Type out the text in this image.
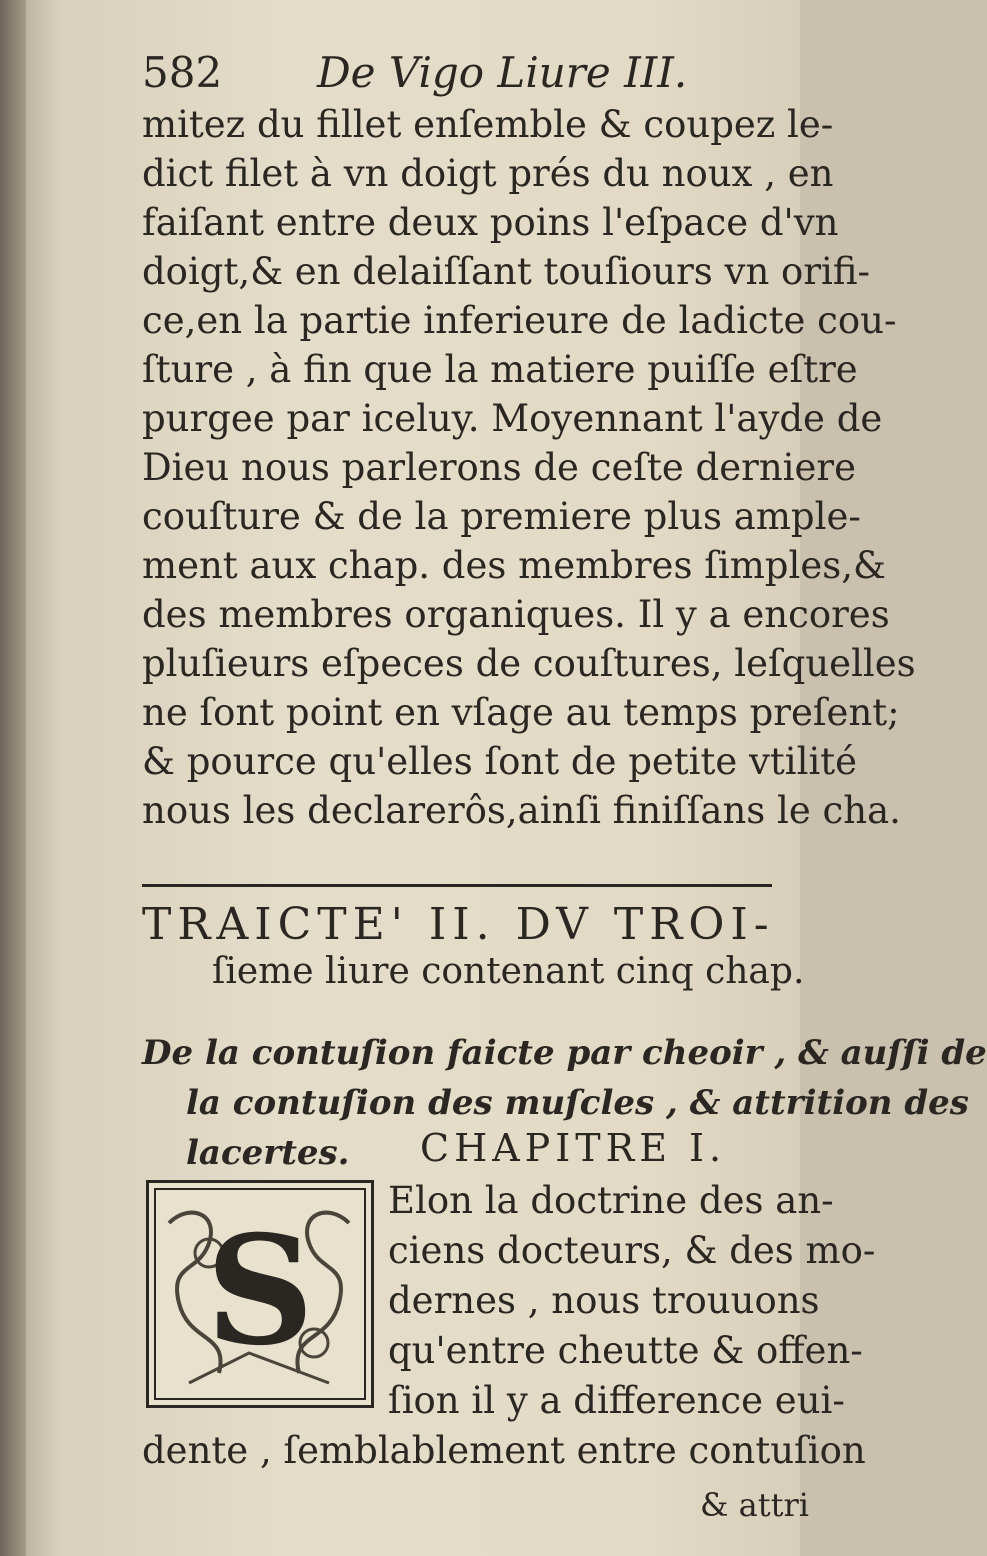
582 De Vigo Liure III.
mitez du fillet enſemble & coupez le-
dict filet à vn doigt prés du noux , en
faiſant entre deux poins l'eſpace d'vn
doigt,& en delaiſſant touſiours vn orifi-
ce,en la partie inferieure de ladicte cou-
ſture , à fin que la matiere puiſſe eſtre
purgee par iceluy. Moyennant l'ayde de
Dieu nous parlerons de ceſte derniere
couſture & de la premiere plus ample-
ment aux chap. des membres ſimples,&
des membres organiques. Il y a encores
pluſieurs eſpeces de couſtures, leſquelles
ne ſont point en vſage au temps preſent;
& pource qu'elles ſont de petite vtilité
nous les declarerôs,ainſi finiſſans le cha.
TRAICTE' II. DV TROI-
ſieme liure contenant cinq chap.
De la contuſion faicte par cheoir , & auſſi de
la contuſion des muſcles , & attrition des
lacertes.	CHAPITRE I.
S
Elon la doctrine des an-
ciens docteurs, & des mo-
dernes , nous trouuons
qu'entre cheutte & offen-
ſion il y a difference eui-
dente , ſemblablement entre contuſion
& attri
